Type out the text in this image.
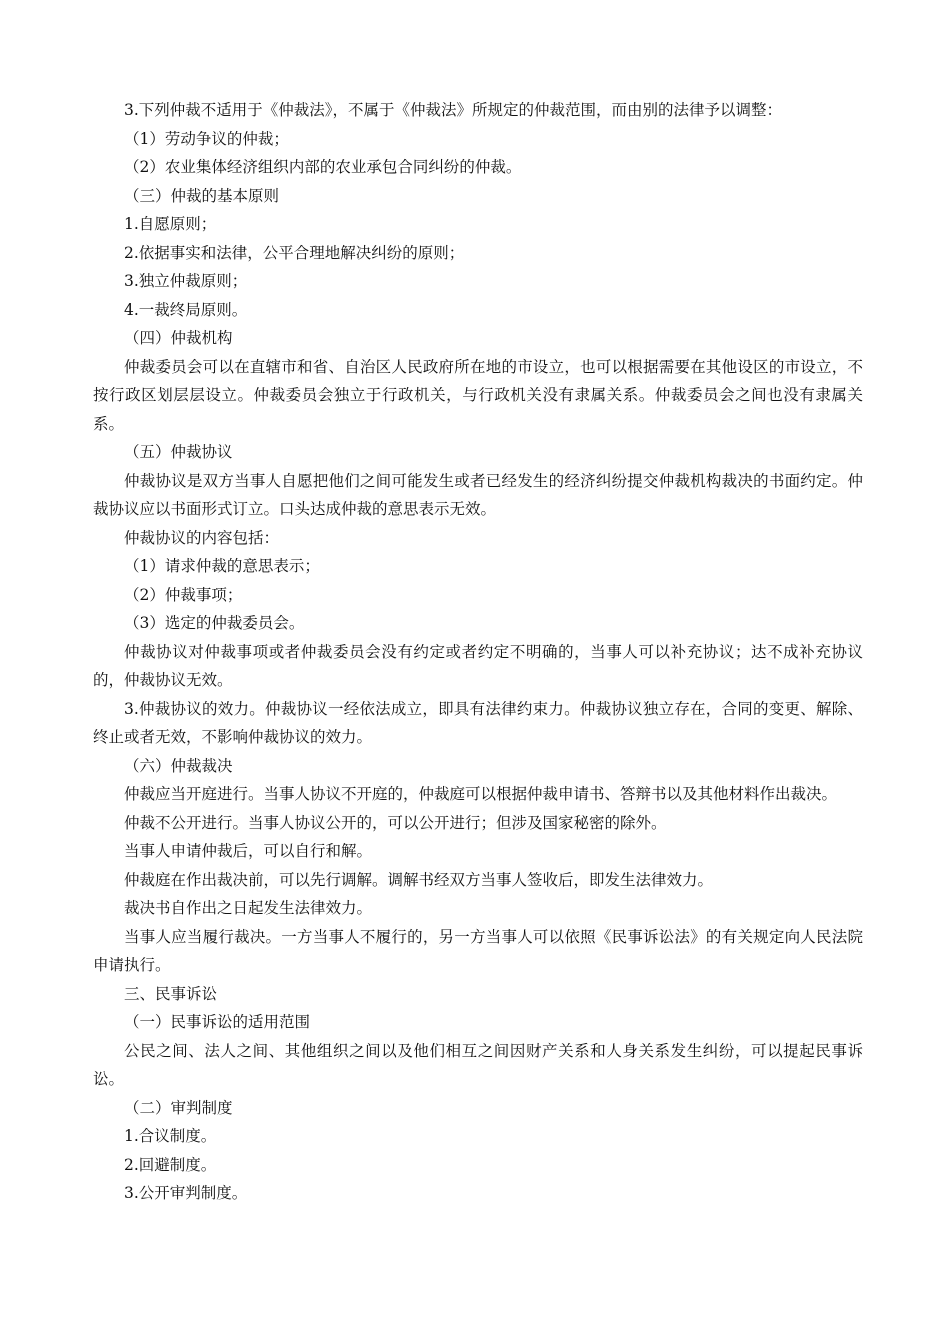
3.下列仲裁不适用于《仲裁法》，不属于《仲裁法》所规定的仲裁范围，而由别的法律予以调整：

（1）劳动争议的仲裁；

（2）农业集体经济组织内部的农业承包合同纠纷的仲裁。

（三）仲裁的基本原则

1.自愿原则；

2.依据事实和法律，公平合理地解决纠纷的原则；

3.独立仲裁原则；

4.一裁终局原则。

（四）仲裁机构

仲裁委员会可以在直辖市和省、自治区人民政府所在地的市设立，也可以根据需要在其他设区的市设立，不按行政区划层层设立。仲裁委员会独立于行政机关，与行政机关没有隶属关系。仲裁委员会之间也没有隶属关系。

（五）仲裁协议

仲裁协议是双方当事人自愿把他们之间可能发生或者已经发生的经济纠纷提交仲裁机构裁决的书面约定。仲裁协议应以书面形式订立。口头达成仲裁的意思表示无效。

仲裁协议的内容包括：

（1）请求仲裁的意思表示；

（2）仲裁事项；

（3）选定的仲裁委员会。

仲裁协议对仲裁事项或者仲裁委员会没有约定或者约定不明确的，当事人可以补充协议；达不成补充协议的，仲裁协议无效。

3.仲裁协议的效力。仲裁协议一经依法成立，即具有法律约束力。仲裁协议独立存在，合同的变更、解除、终止或者无效，不影响仲裁协议的效力。

（六）仲裁裁决

仲裁应当开庭进行。当事人协议不开庭的，仲裁庭可以根据仲裁申请书、答辩书以及其他材料作出裁决。

仲裁不公开进行。当事人协议公开的，可以公开进行；但涉及国家秘密的除外。

当事人申请仲裁后，可以自行和解。

仲裁庭在作出裁决前，可以先行调解。调解书经双方当事人签收后，即发生法律效力。

裁决书自作出之日起发生法律效力。

当事人应当履行裁决。一方当事人不履行的，另一方当事人可以依照《民事诉讼法》的有关规定向人民法院申请执行。

三、民事诉讼

（一）民事诉讼的适用范围

公民之间、法人之间、其他组织之间以及他们相互之间因财产关系和人身关系发生纠纷，可以提起民事诉讼。

（二）审判制度

1.合议制度。

2.回避制度。

3.公开审判制度。
